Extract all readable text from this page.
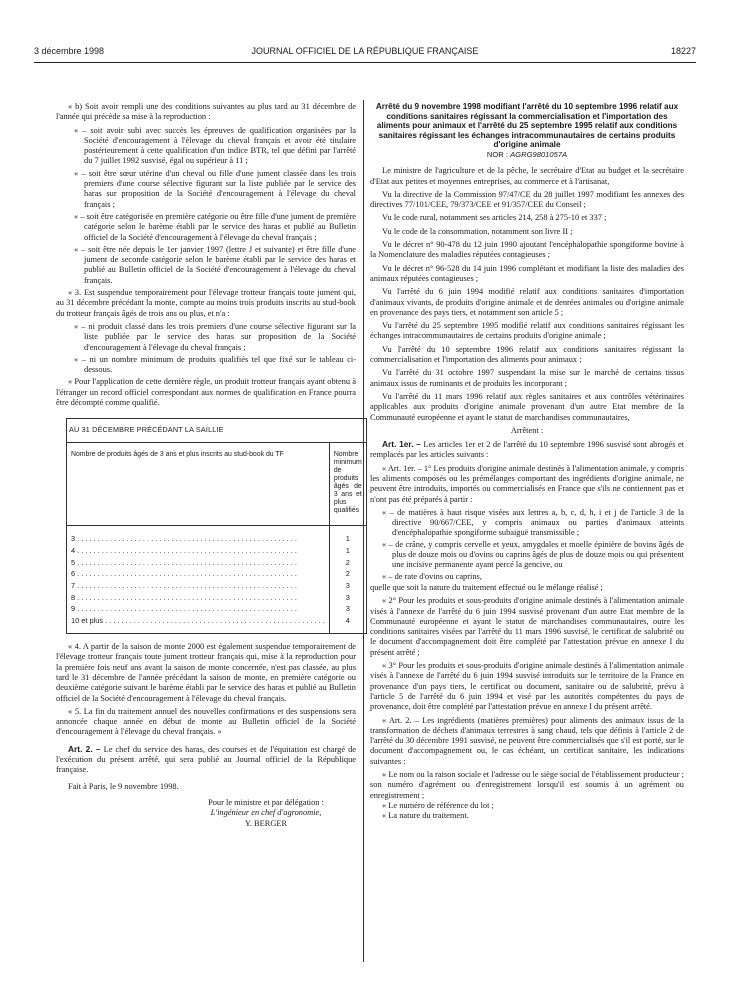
3 décembre 1998	JOURNAL OFFICIEL DE LA RÉPUBLIQUE FRANÇAISE	18227

« b) Soit avoir rempli une des conditions suivantes au plus tard au 31 décembre de l'année qui précède sa mise à la reproduction :

« – soit avoir subi avec succès les épreuves de qualification organisées par la Société d'encouragement à l'élevage du cheval français et avoir été titulaire postérieurement à cette qualification d'un indice BTR, tel que défini par l'arrêté du 7 juillet 1992 susvisé, égal ou supérieur à 11 ;

« – soit être sœur utérine d'un cheval ou fille d'une jument classée dans les trois premiers d'une course sélective figurant sur la liste publiée par le service des haras sur proposition de la Société d'encouragement à l'élevage du cheval français ;

« – soit être catégorisée en première catégorie ou être fille d'une jument de première catégorie selon le barème établi par le service des haras et publié au Bulletin officiel de la Société d'encouragement à l'élevage du cheval français ;

« – soit être née depuis le 1er janvier 1997 (lettre J et suivante) et être fille d'une jument de seconde catégorie selon le barème établi par le service des haras et publié au Bulletin officiel de la Société d'encouragement à l'élevage du cheval français.

« 3. Est suspendue temporairement pour l'élevage trotteur français toute jument qui, au 31 décembre précédant la monte, compte au moins trois produits inscrits au stud-book du trotteur français âgés de trois ans ou plus, et n'a :

« – ni produit classé dans les trois premiers d'une course sélective figurant sur la liste publiée par le service des haras sur proposition de la Société d'encouragement à l'élevage du cheval français ;

« – ni un nombre minimum de produits qualifiés tel que fixé sur le tableau ci-dessous.

« Pour l'application de cette dernière règle, un produit trotteur français ayant obtenu à l'étranger un record officiel correspondant aux normes de qualification en France pourra être décompté comme qualifié.

AU 31 DÉCEMBRE PRÉCÉDANT LA SAILLIE	
Nombre de produits âgés de 3 ans et plus inscrits au stud-book du TF	Nombre minimum de produits âgés de 3 ans et plus qualifiés
3 . . .	1
4 . . .	1
5 . . .	2
6 . . .	2
7 . . .	3
8 . . .	3
9 . . .	3
10 et plus . . .	4

« 4. A partir de la saison de monte 2000 est également suspendue temporairement de l'élevage trotteur français toute jument trotteur français qui, mise à la reproduction pour la première fois neuf ans avant la saison de monte concernée, n'est pas classée, au plus tard le 31 décembre de l'année précédant la saison de monte, en première catégorie ou deuxième catégorie suivant le barème établi par le service des haras et publié au Bulletin officiel de la Société d'encouragement à l'élevage du cheval français.

« 5. La fin du traitement annuel des nouvelles confirmations et des suspensions sera annoncée chaque année en début de monte au Bulletin officiel de la Société d'encouragement à l'élevage du cheval français. »

Art. 2. – Le chef du service des haras, des courses et de l'équitation est chargé de l'exécution du présent arrêté, qui sera publié au Journal officiel de la République française.

Fait à Paris, le 9 novembre 1998.

Pour le ministre et par délégation :

L'ingénieur en chef d'agronomie,

Y. BERGER

Arrêté du 9 novembre 1998 modifiant l'arrêté du 10 septembre 1996 relatif aux conditions sanitaires régissant la commercialisation et l'importation des aliments pour animaux et l'arrêté du 25 septembre 1995 relatif aux conditions sanitaires régissant les échanges intracommunautaires de certains produits d'origine animale

NOR : AGRG9801057A

Le ministre de l'agriculture et de la pêche, le secrétaire d'Etat au budget et la secrétaire d'Etat aux petites et moyennes entreprises, au commerce et à l'artisanat,

Vu la directive de la Commission 97/47/CE du 28 juillet 1997 modifiant les annexes des directives 77/101/CEE, 79/373/CEE et 91/357/CEE du Conseil ;

Vu le code rural, notamment ses articles 214, 258 à 275-10 et 337 ;

Vu le code de la consommation, notamment son livre II ;

Vu le décret n° 90-478 du 12 juin 1990 ajoutant l'encéphalopathie spongiforme bovine à la Nomenclature des maladies réputées contagieuses ;

Vu le décret n° 96-528 du 14 juin 1996 complétant et modifiant la liste des maladies des animaux réputées contagieuses ;

Vu l'arrêté du 6 juin 1994 modifié relatif aux conditions sanitaires d'importation d'animaux vivants, de produits d'origine animale et de denrées animales ou d'origine animale en provenance des pays tiers, et notamment son article 5 ;

Vu l'arrêté du 25 septembre 1995 modifié relatif aux conditions sanitaires régissant les échanges intracommunautaires de certains produits d'origine animale ;

Vu l'arrêté du 10 septembre 1996 relatif aux conditions sanitaires régissant la commercialisation et l'importation des aliments pour animaux ;

Vu l'arrêté du 31 octobre 1997 suspendant la mise sur le marché de certains tissus animaux issus de ruminants et de produits les incorporant ;

Vu l'arrêté du 11 mars 1996 relatif aux règles sanitaires et aux contrôles vétérinaires applicables aux produits d'origine animale provenant d'un autre Etat membre de la Communauté européenne et ayant le statut de marchandises communautaires,

Arrêtent :

Art. 1er. – Les articles 1er et 2 de l'arrêté du 10 septembre 1996 susvisé sont abrogés et remplacés par les articles suivants :

« Art. 1er. – 1° Les produits d'origine animale destinés à l'alimentation animale, y compris les aliments composés ou les prémélanges comportant des ingrédients d'origine animale, ne peuvent être introduits, importés ou commercialisés en France que s'ils ne contiennent pas et n'ont pas été préparés à partir :

« – de matières à haut risque visées aux lettres a, b, c, d, h, i et j de l'article 3 de la directive 90/667/CEE, y compris animaux ou parties d'animaux atteints d'encéphalopathie spongiforme subaiguë transmissible ;

« – de crâne, y compris cervelle et yeux, amygdales et moelle épinière de bovins âgés de plus de douze mois ou d'ovins ou caprins âgés de plus de douze mois ou qui présentent une incisive permanente ayant percé la gencive, ou

« – de rate d'ovins ou caprins,

quelle que soit la nature du traitement effectué ou le mélange réalisé ;

« 2° Pour les produits et sous-produits d'origine animale destinés à l'alimentation animale visés à l'annexe de l'arrêté du 6 juin 1994 susvisé provenant d'un autre Etat membre de la Communauté européenne et ayant le statut de marchandises communautaires, outre les conditions sanitaires visées par l'arrêté du 11 mars 1996 susvisé, le certificat de salubrité ou le document d'accompagnement doit être complété par l'attestation prévue en annexe I du présent arrêté ;

« 3° Pour les produits et sous-produits d'origine animale destinés à l'alimentation animale visés à l'annexe de l'arrêté du 6 juin 1994 susvisé introduits sur le territoire de la France en provenance d'un pays tiers, le certificat ou document, sanitaire ou de salubrité, prévu à l'article 5 de l'arrêté du 6 juin 1994 et visé par les autorités compétentes du pays de provenance, doit être complété par l'attestation prévue en annexe I du présent arrêté.

« Art. 2. – Les ingrédients (matières premières) pour aliments des animaux issus de la transformation de déchets d'animaux terrestres à sang chaud, tels que définis à l'article 2 de l'arrêté du 30 décembre 1991 susvisé, ne peuvent être commercialisés que s'il est porté, sur le document d'accompagnement ou, le cas échéant, un certificat sanitaire, les indications suivantes :

« Le nom ou la raison sociale et l'adresse ou le siège social de l'établissement producteur ; son numéro d'agrément ou d'enregistrement lorsqu'il est soumis à un agrément ou enregistrement ;

« Le numéro de référence du lot ;

« La nature du traitement.
